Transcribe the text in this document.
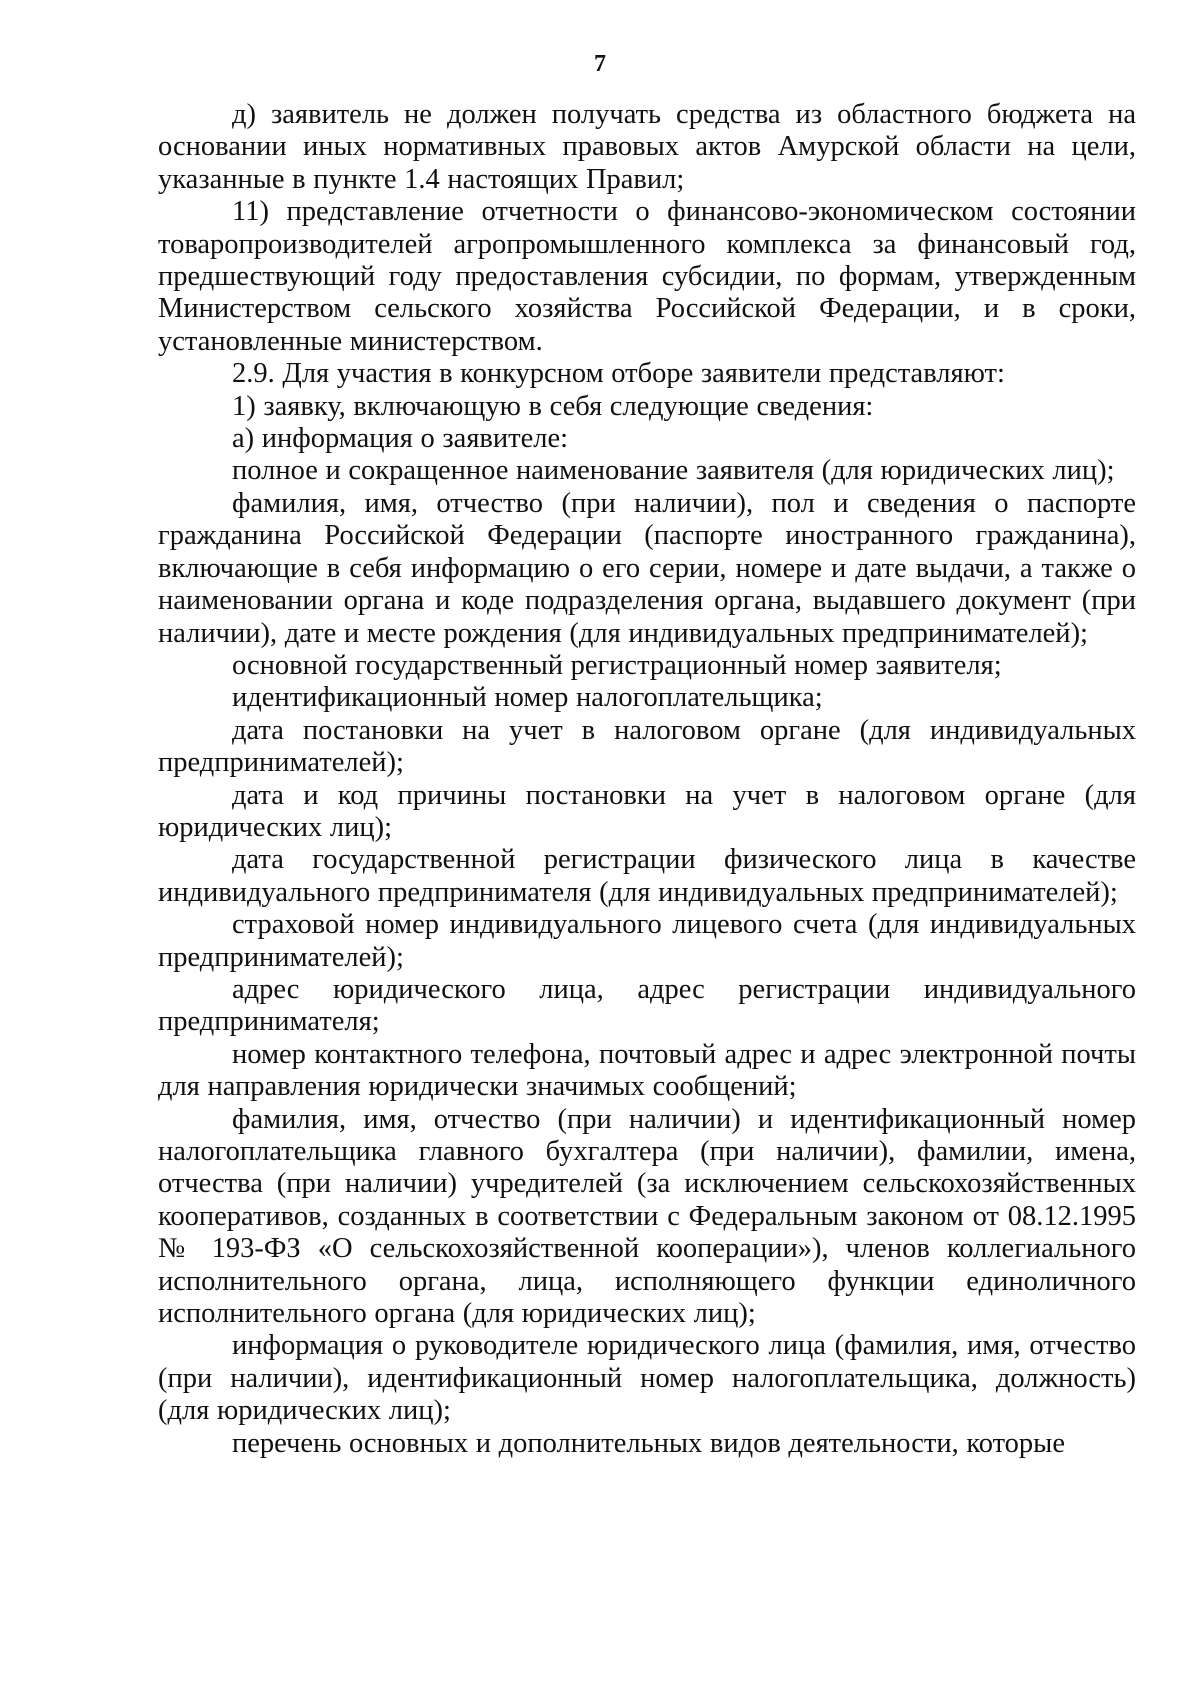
7

д) заявитель не должен получать средства из областного бюджета на основании иных нормативных правовых актов Амурской области на цели, указанные в пункте 1.4 настоящих Правил;

11) представление отчетности о финансово-экономическом состоянии товаропроизводителей агропромышленного комплекса за финансовый год, предшествующий году предоставления субсидии, по формам, утвержденным Министерством сельского хозяйства Российской Федерации, и в сроки, установленные министерством.

2.9. Для участия в конкурсном отборе заявители представляют:

1) заявку, включающую в себя следующие сведения:

а) информация о заявителе:

полное и сокращенное наименование заявителя (для юридических лиц);

фамилия, имя, отчество (при наличии), пол и сведения о паспорте гражданина Российской Федерации (паспорте иностранного гражданина), включающие в себя информацию о его серии, номере и дате выдачи, а также о наименовании органа и коде подразделения органа, выдавшего документ (при наличии), дате и месте рождения (для индивидуальных предпринимателей);

основной государственный регистрационный номер заявителя;

идентификационный номер налогоплательщика;

дата постановки на учет в налоговом органе (для индивидуальных предпринимателей);

дата и код причины постановки на учет в налоговом органе (для юридических лиц);

дата государственной регистрации физического лица в качестве индивидуального предпринимателя (для индивидуальных предпринимателей);

страховой номер индивидуального лицевого счета (для индивидуальных предпринимателей);

адрес юридического лица, адрес регистрации индивидуального предпринимателя;

номер контактного телефона, почтовый адрес и адрес электронной почты для направления юридически значимых сообщений;

фамилия, имя, отчество (при наличии) и идентификационный номер налогоплательщика главного бухгалтера (при наличии), фамилии, имена, отчества (при наличии) учредителей (за исключением сельскохозяйственных кооперативов, созданных в соответствии с Федеральным законом от 08.12.1995 № 193-ФЗ «О сельскохозяйственной кооперации»), членов коллегиального исполнительного органа, лица, исполняющего функции единоличного исполнительного органа (для юридических лиц);

информация о руководителе юридического лица (фамилия, имя, отчество (при наличии), идентификационный номер налогоплательщика, должность) (для юридических лиц);

перечень основных и дополнительных видов деятельности, которые
